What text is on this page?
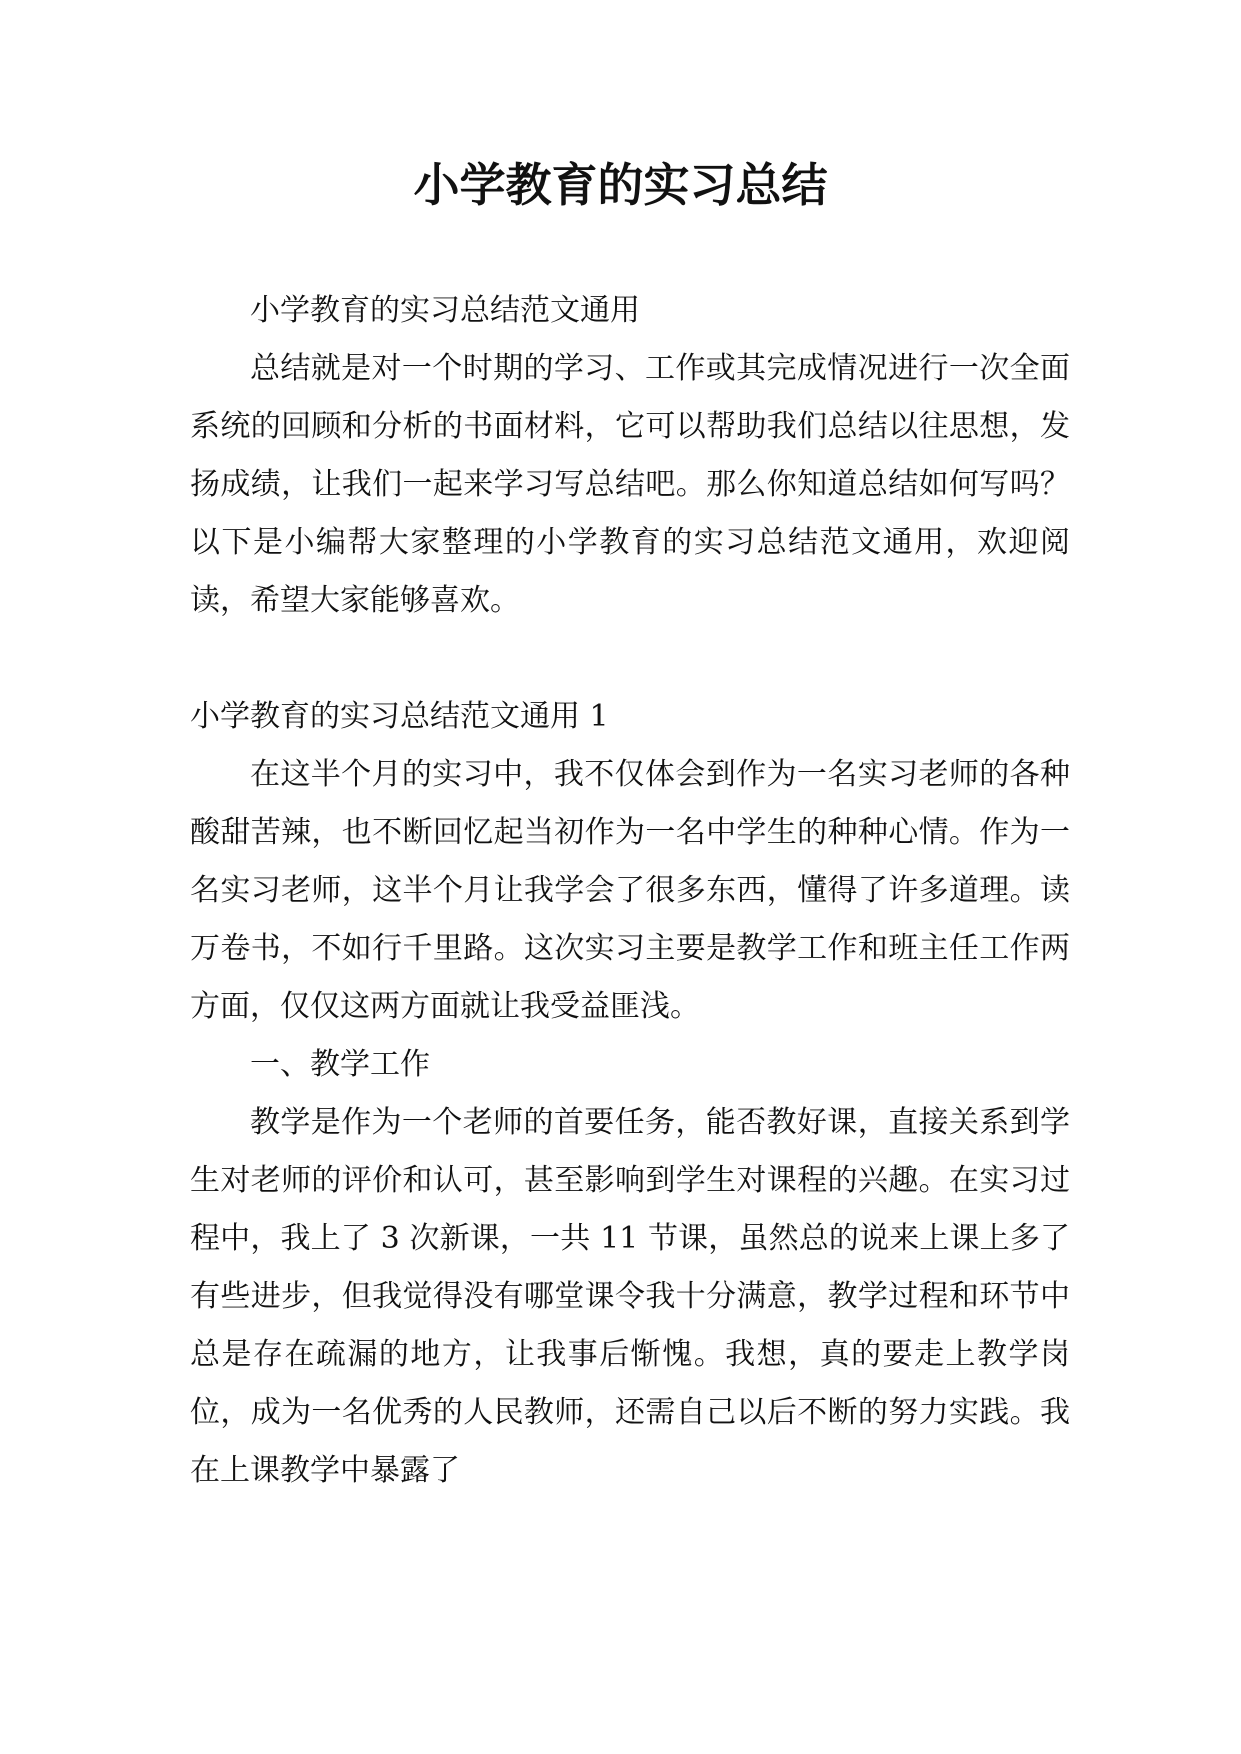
小学教育的实习总结

小学教育的实习总结范文通用

总结就是对一个时期的学习、工作或其完成情况进行一次全面系统的回顾和分析的书面材料，它可以帮助我们总结以往思想，发扬成绩，让我们一起来学习写总结吧。那么你知道总结如何写吗？以下是小编帮大家整理的小学教育的实习总结范文通用，欢迎阅读，希望大家能够喜欢。

小学教育的实习总结范文通用 1

在这半个月的实习中，我不仅体会到作为一名实习老师的各种酸甜苦辣，也不断回忆起当初作为一名中学生的种种心情。作为一名实习老师，这半个月让我学会了很多东西，懂得了许多道理。读万卷书，不如行千里路。这次实习主要是教学工作和班主任工作两方面，仅仅这两方面就让我受益匪浅。

一、教学工作

教学是作为一个老师的首要任务，能否教好课，直接关系到学生对老师的评价和认可，甚至影响到学生对课程的兴趣。在实习过程中，我上了 3 次新课，一共 11 节课，虽然总的说来上课上多了有些进步，但我觉得没有哪堂课令我十分满意，教学过程和环节中总是存在疏漏的地方，让我事后惭愧。我想，真的要走上教学岗位，成为一名优秀的人民教师，还需自己以后不断的努力实践。我在上课教学中暴露了
